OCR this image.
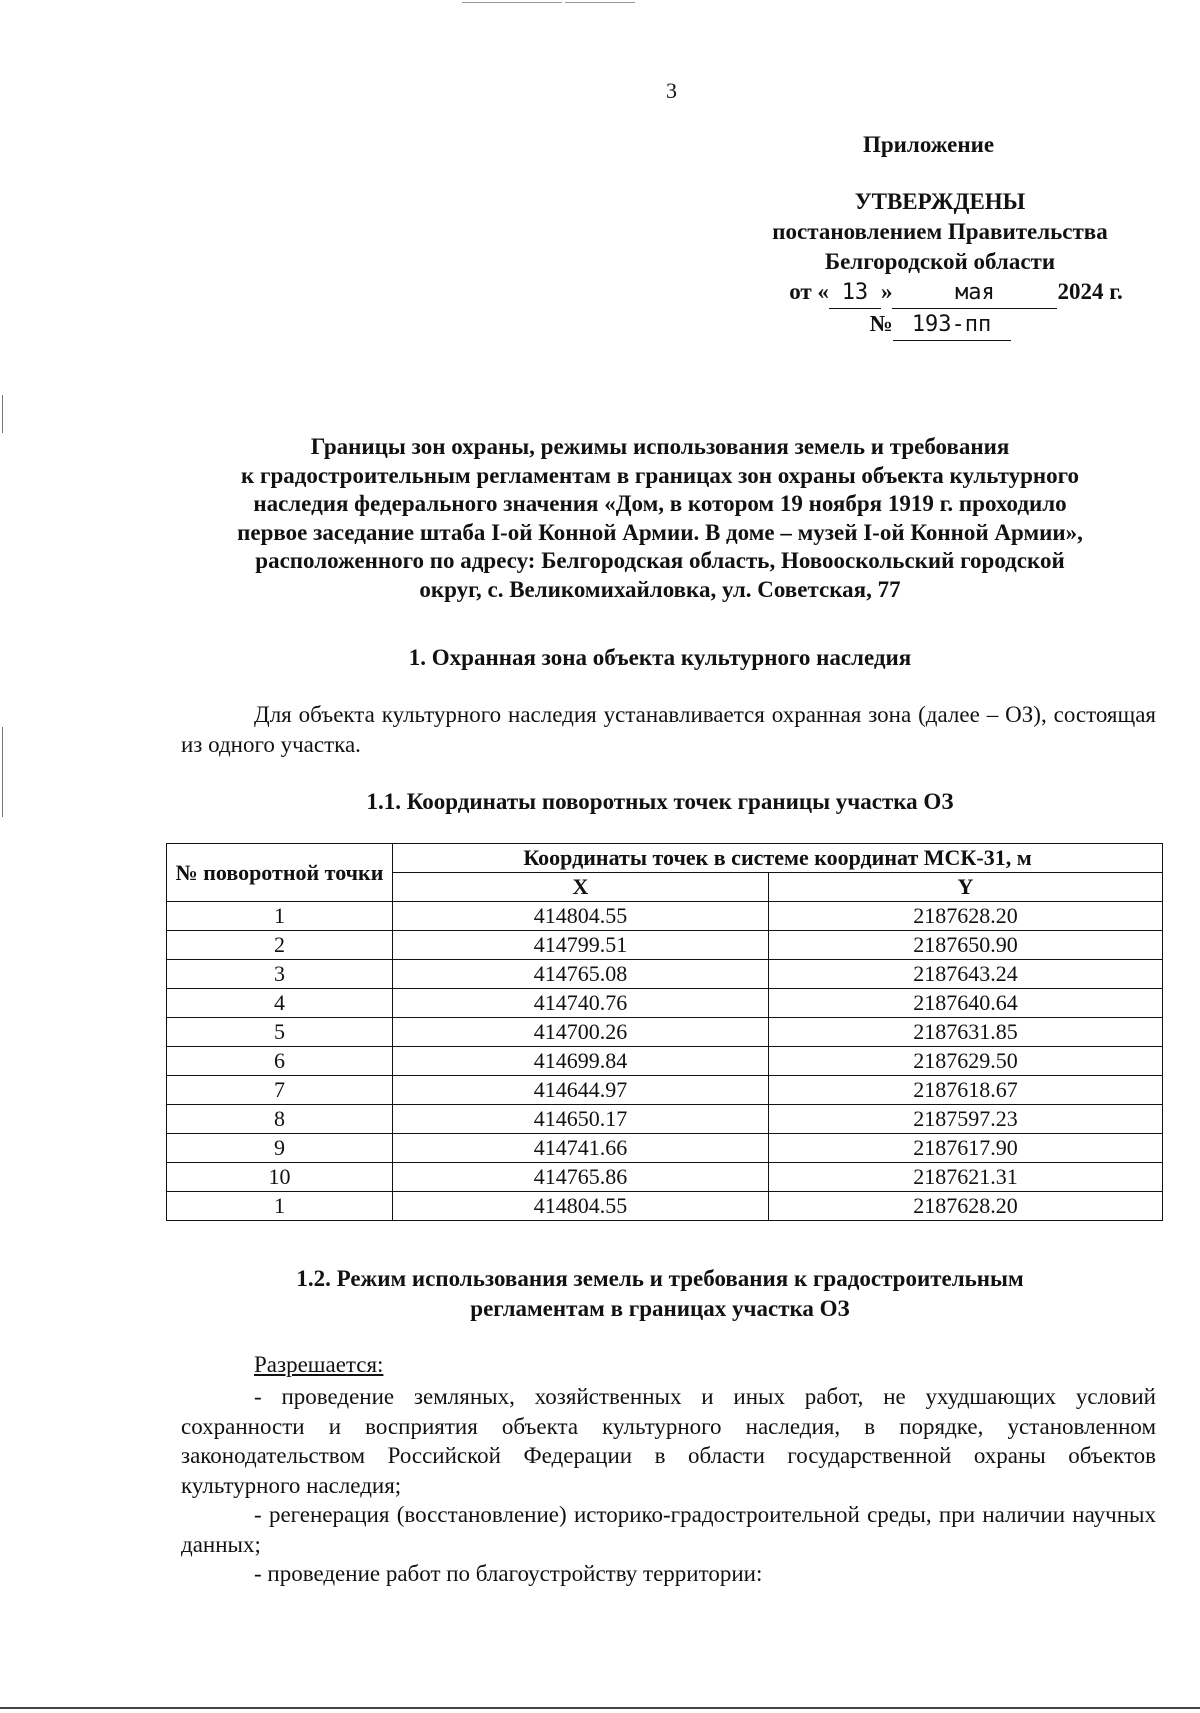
3
Приложение
УТВЕРЖДЕНЫ
постановлением Правительства
Белгородской области
от « 13 »	мая	2024 г.
№ 193-пп
Границы зон охраны, режимы использования земель и требования
к градостроительным регламентам в границах зон охраны объекта культурного
наследия федерального значения «Дом, в котором 19 ноября 1919 г. проходило
первое заседание штаба I-ой Конной Армии. В доме – музей I-ой Конной Армии»,
расположенного по адресу: Белгородская область, Новооскольский городской
округ, с. Великомихайловка, ул. Советская, 77
1. Охранная зона объекта культурного наследия
Для объекта культурного наследия устанавливается охранная зона (далее – ОЗ), состоящая из одного участка.
1.1. Координаты поворотных точек границы участка ОЗ
№ поворотной точки	Координаты точек в системе координат МСК-31, м	
	X	Y
1	414804.55	2187628.20
2	414799.51	2187650.90
3	414765.08	2187643.24
4	414740.76	2187640.64
5	414700.26	2187631.85
6	414699.84	2187629.50
7	414644.97	2187618.67
8	414650.17	2187597.23
9	414741.66	2187617.90
10	414765.86	2187621.31
1	414804.55	2187628.20
1.2. Режим использования земель и требования к градостроительным
регламентам в границах участка ОЗ
Разрешается:
- проведение земляных, хозяйственных и иных работ, не ухудшающих условий сохранности и восприятия объекта культурного наследия, в порядке, установленном законодательством Российской Федерации в области государственной охраны объектов культурного наследия;
- регенерация (восстановление) историко-градостроительной среды, при наличии научных данных;
- проведение работ по благоустройству территории:
